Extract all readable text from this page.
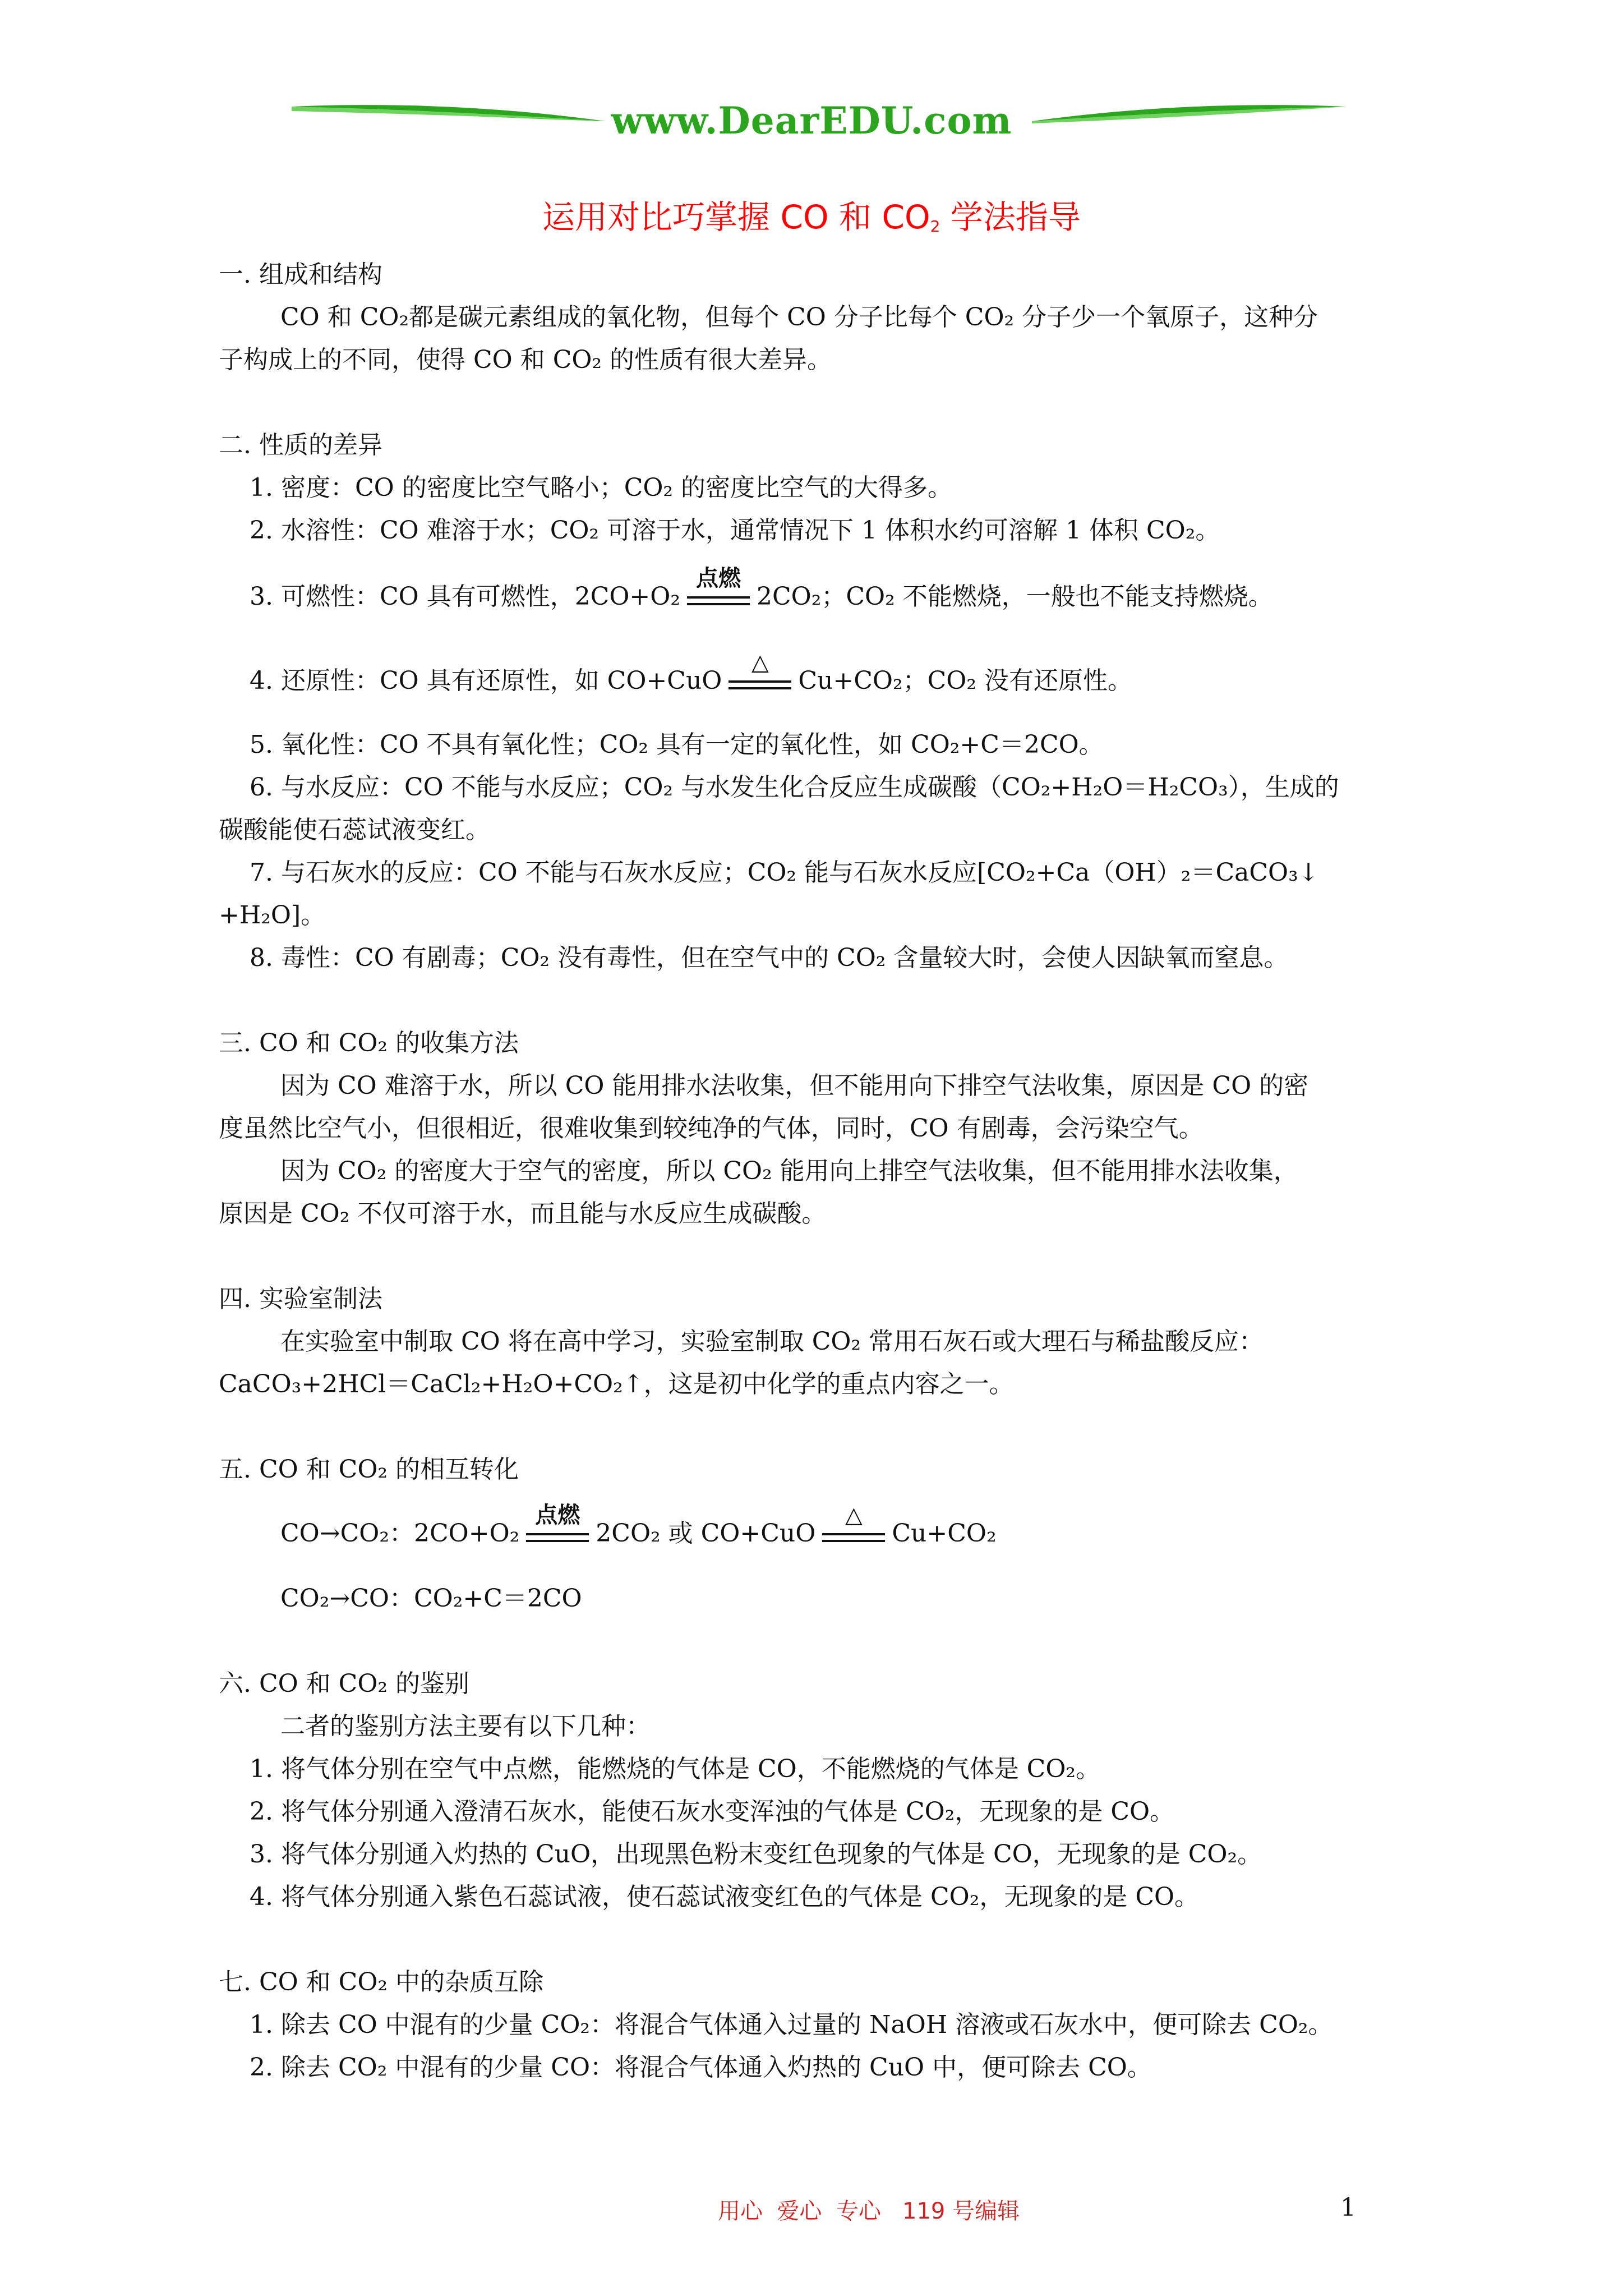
www.DearEDU.com
运用对比巧掌握 CO 和 $CO_2$ 学法指导
一. 组成和结构
CO 和 CO₂都是碳元素组成的氧化物，但每个 CO 分子比每个 CO₂ 分子少一个氧原子，这种分
子构成上的不同，使得 CO 和 CO₂ 的性质有很大差异。
二. 性质的差异
1. 密度：CO 的密度比空气略小；CO₂ 的密度比空气的大得多。
2. 水溶性：CO 难溶于水；CO₂ 可溶于水，通常情况下 1 体积水约可溶解 1 体积 CO₂。
3. 可燃性：CO 具有可燃性，2CO+O₂
点燃
2CO₂；CO₂ 不能燃烧，一般也不能支持燃烧。
4. 还原性：CO 具有还原性，如 CO+CuO
△
Cu+CO₂；CO₂ 没有还原性。
5. 氧化性：CO 不具有氧化性；CO₂ 具有一定的氧化性，如 CO₂+C＝2CO。
6. 与水反应：CO 不能与水反应；CO₂ 与水发生化合反应生成碳酸（CO₂+H₂O＝H₂CO₃），生成的
碳酸能使石蕊试液变红。
7. 与石灰水的反应：CO 不能与石灰水反应；CO₂ 能与石灰水反应[CO₂+Ca（OH）₂＝CaCO₃↓
+H₂O]。
8. 毒性：CO 有剧毒；CO₂ 没有毒性，但在空气中的 CO₂ 含量较大时，会使人因缺氧而窒息。
三. CO 和 CO₂ 的收集方法
因为 CO 难溶于水，所以 CO 能用排水法收集，但不能用向下排空气法收集，原因是 CO 的密
度虽然比空气小，但很相近，很难收集到较纯净的气体，同时，CO 有剧毒，会污染空气。
因为 CO₂ 的密度大于空气的密度，所以 CO₂ 能用向上排空气法收集，但不能用排水法收集，
原因是 CO₂ 不仅可溶于水，而且能与水反应生成碳酸。
四. 实验室制法
在实验室中制取 CO 将在高中学习，实验室制取 CO₂ 常用石灰石或大理石与稀盐酸反应：
CaCO₃+2HCl＝CaCl₂+H₂O+CO₂↑，这是初中化学的重点内容之一。
五. CO 和 CO₂ 的相互转化
CO→CO₂：2CO+O₂
点燃
2CO₂ 或 CO+CuO
△
Cu+CO₂
CO₂→CO：CO₂+C＝2CO
六. CO 和 CO₂ 的鉴别
二者的鉴别方法主要有以下几种：
1. 将气体分别在空气中点燃，能燃烧的气体是 CO，不能燃烧的气体是 CO₂。
2. 将气体分别通入澄清石灰水，能使石灰水变浑浊的气体是 CO₂，无现象的是 CO。
3. 将气体分别通入灼热的 CuO，出现黑色粉末变红色现象的气体是 CO，无现象的是 CO₂。
4. 将气体分别通入紫色石蕊试液，使石蕊试液变红色的气体是 CO₂，无现象的是 CO。
七. CO 和 CO₂ 中的杂质互除
1. 除去 CO 中混有的少量 CO₂：将混合气体通入过量的 NaOH 溶液或石灰水中，便可除去 CO₂。
2. 除去 CO₂ 中混有的少量 CO：将混合气体通入灼热的 CuO 中，便可除去 CO。
用心  爱心  专心   119 号编辑	1
